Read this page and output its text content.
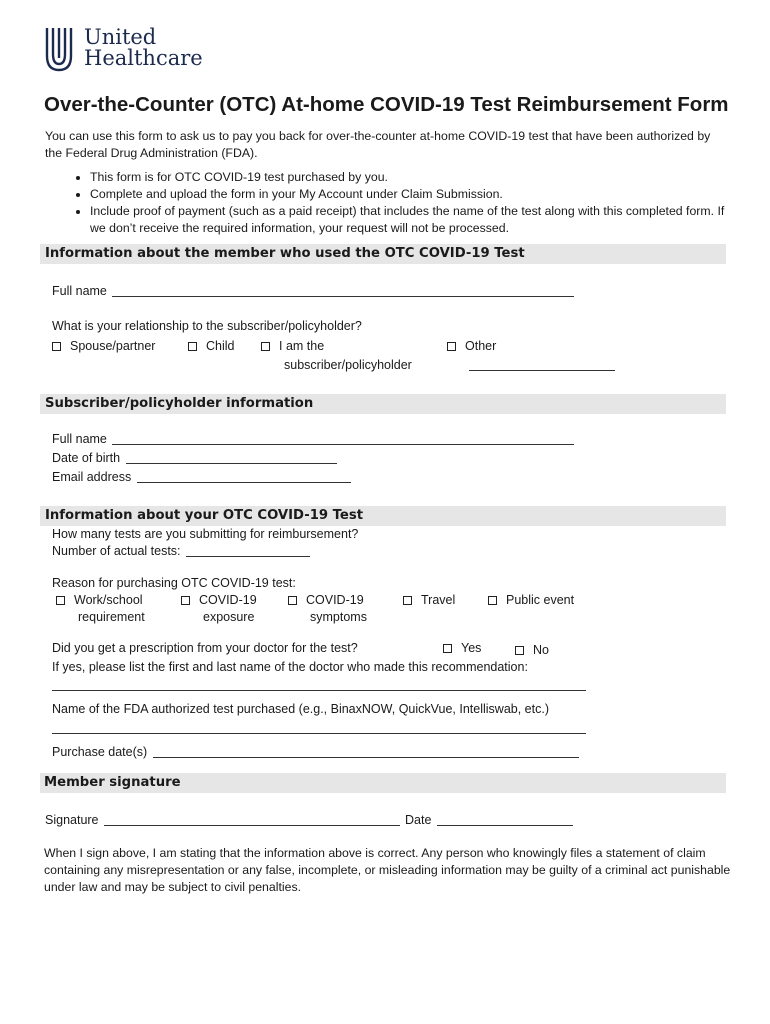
United
Healthcare
Over-the-Counter (OTC) At-home COVID-19 Test Reimbursement Form
You can use this form to ask us to pay you back for over-the-counter at-home COVID-19 test that have been authorized by the Federal Drug Administration (FDA).
• This form is for OTC COVID-19 test purchased by you.
• Complete and upload the form in your My Account under Claim Submission.
• Include proof of payment (such as a paid receipt) that includes the name of the test along with this completed form. If we don’t receive the required information, your request will not be processed.
Information about the member who used the OTC COVID-19 Test
Full name
What is your relationship to the subscriber/policyholder?
Spouse/partner	Child	I am the
subscriber/policyholder
Other
Subscriber/policyholder information
Full name
Date of birth
Email address
Information about your OTC COVID-19 Test
How many tests are you submitting for reimbursement?
Number of actual tests:
Reason for purchasing OTC COVID-19 test:
Work/school
requirement
COVID-19
exposure
COVID-19
symptoms
Travel	Public event
Did you get a prescription from your doctor for the test?	Yes	No
If yes, please list the first and last name of the doctor who made this recommendation:
Name of the FDA authorized test purchased (e.g., BinaxNOW, QuickVue, Intelliswab, etc.)
Purchase date(s)
Member signature
Signature	Date
When I sign above, I am stating that the information above is correct. Any person who knowingly files a statement of claim containing any misrepresentation or any false, incomplete, or misleading information may be guilty of a criminal act punishable under law and may be subject to civil penalties.
